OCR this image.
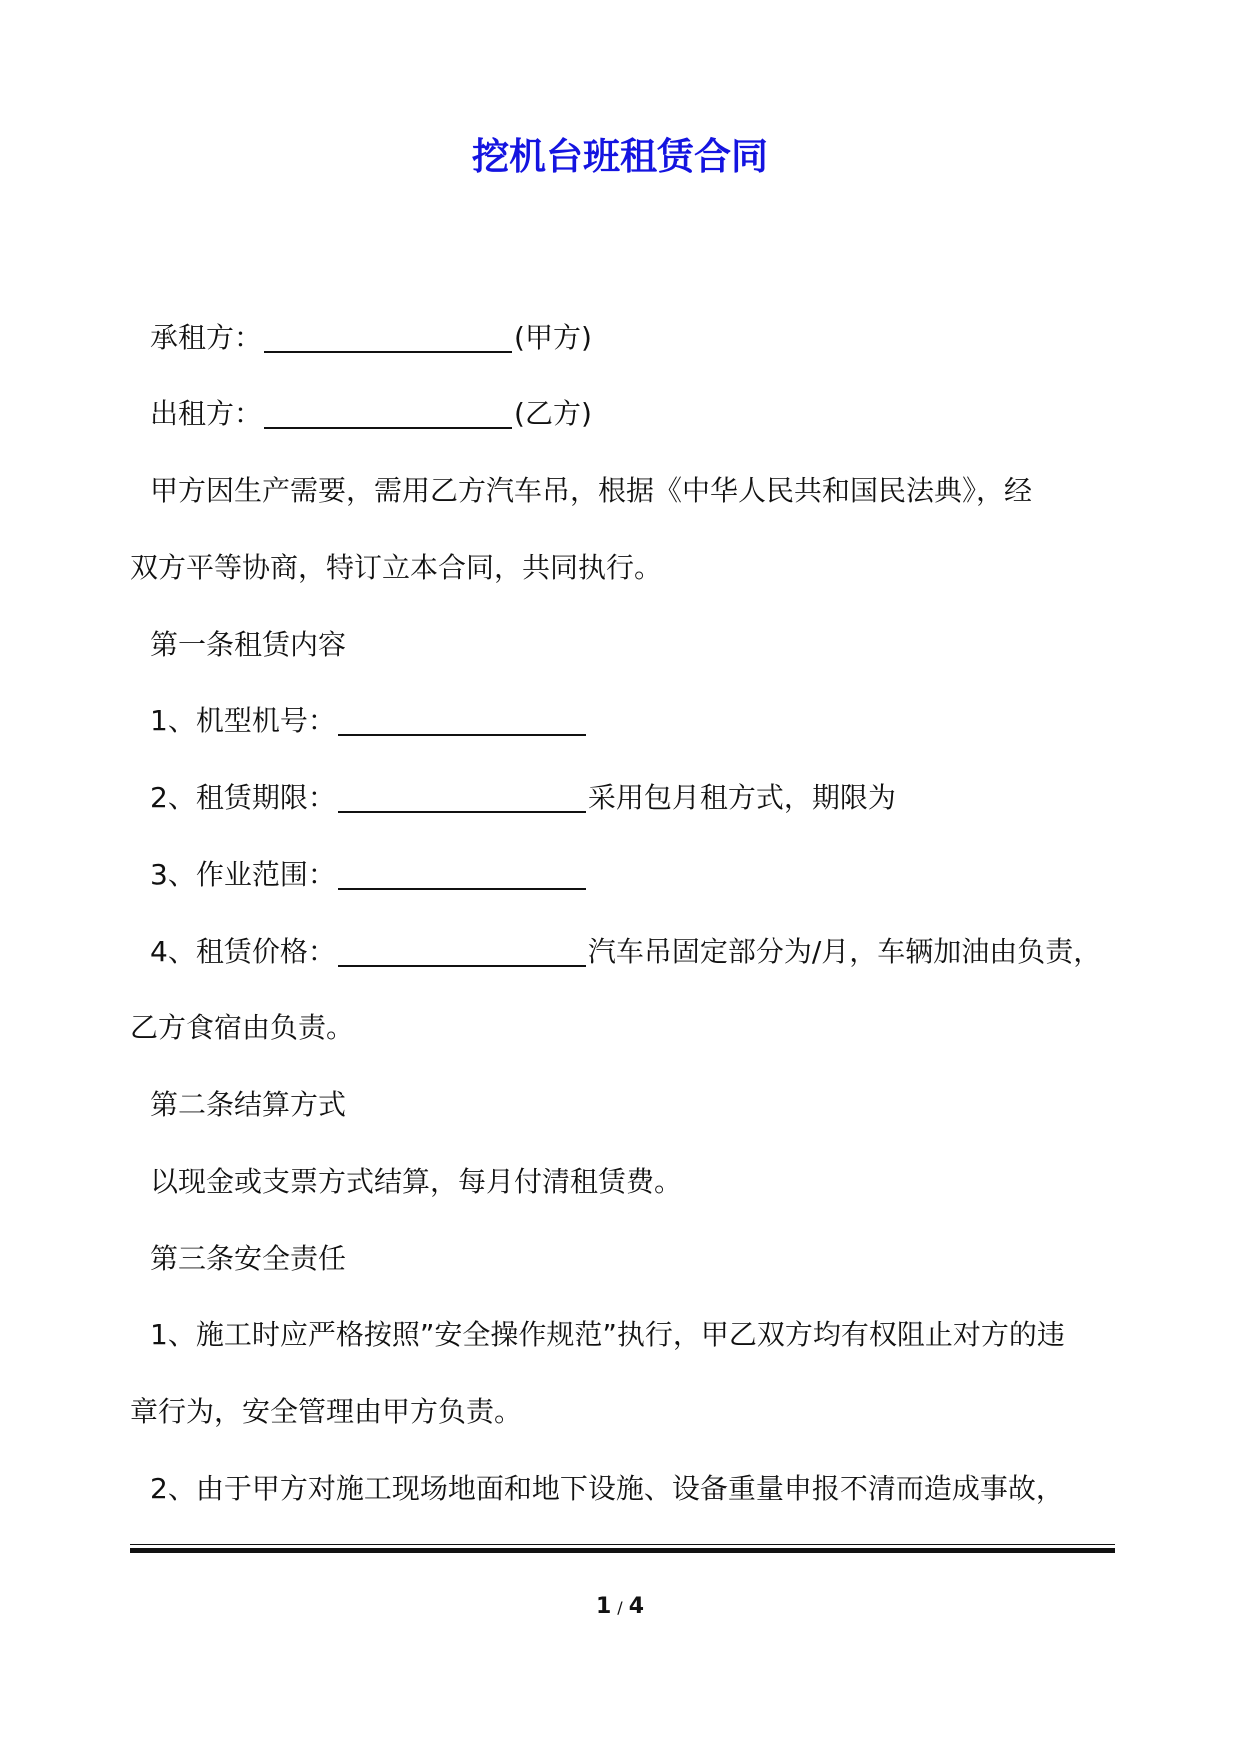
挖机台班租赁合同
承租方：	(甲方)
出租方：	(乙方)
甲方因生产需要，需用乙方汽车吊，根据《中华人民共和国民法典》，经
双方平等协商，特订立本合同，共同执行。
第一条租赁内容
1、机型机号：
2、租赁期限：	采用包月租方式，期限为
3、作业范围：
4、租赁价格：	汽车吊固定部分为/月，车辆加油由负责，
乙方食宿由负责。
第二条结算方式
以现金或支票方式结算，每月付清租赁费。
第三条安全责任
1、施工时应严格按照”安全操作规范”执行，甲乙双方均有权阻止对方的违
章行为，安全管理由甲方负责。
2、由于甲方对施工现场地面和地下设施、设备重量申报不清而造成事故，
1 / 4
